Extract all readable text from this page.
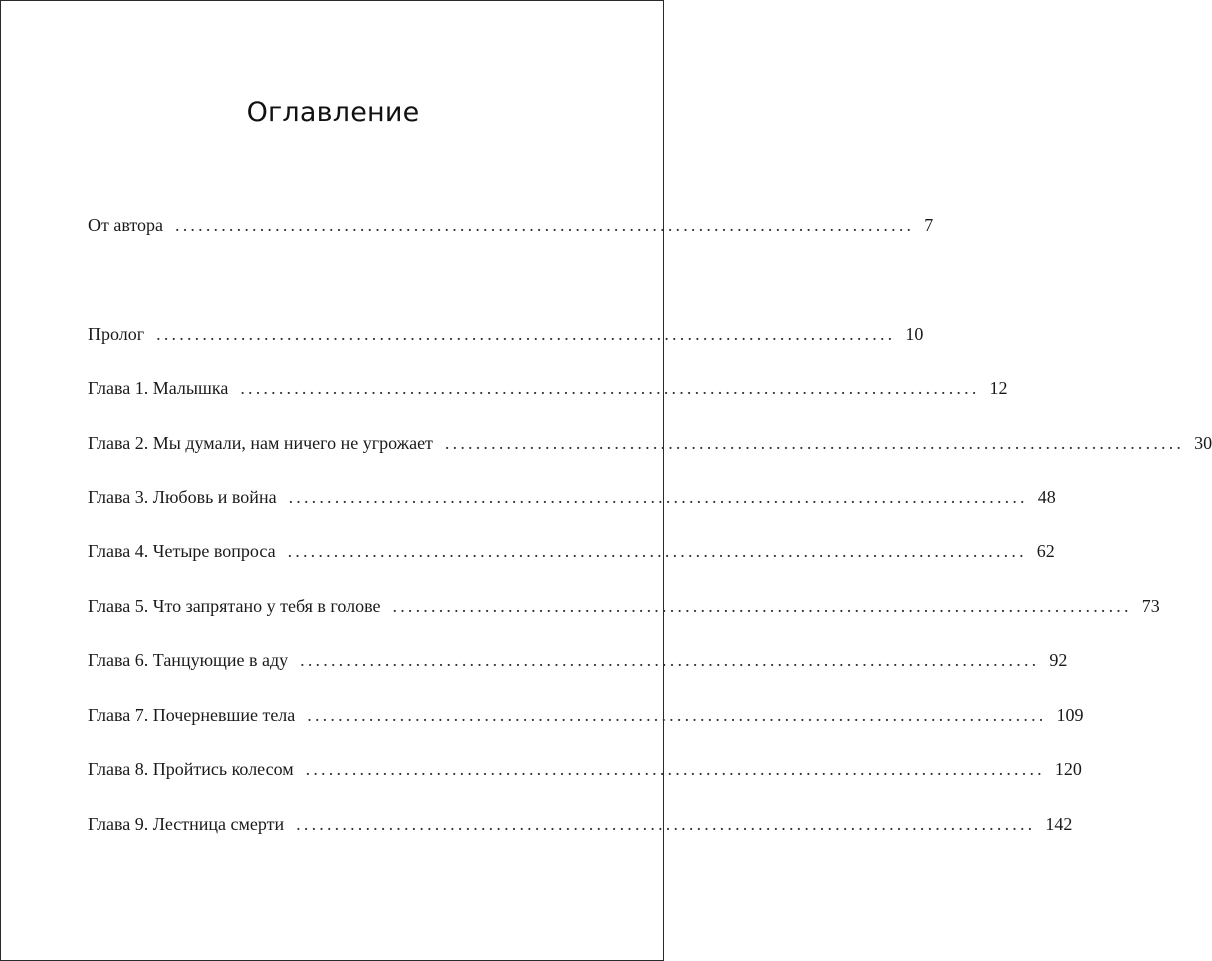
Оглавление
От автора ................................................................................................ 7
Пролог ................................................................................................ 10
Глава 1. Малышка ................................................................................................ 12
Глава 2. Мы думали, нам ничего не угрожает ................................................................................................ 30
Глава 3. Любовь и война ................................................................................................ 48
Глава 4. Четыре вопроса ................................................................................................ 62
Глава 5. Что запрятано у тебя в голове ................................................................................................ 73
Глава 6. Танцующие в аду ................................................................................................ 92
Глава 7. Почерневшие тела ................................................................................................ 109
Глава 8. Пройтись колесом ................................................................................................ 120
Глава 9. Лестница смерти ................................................................................................ 142
